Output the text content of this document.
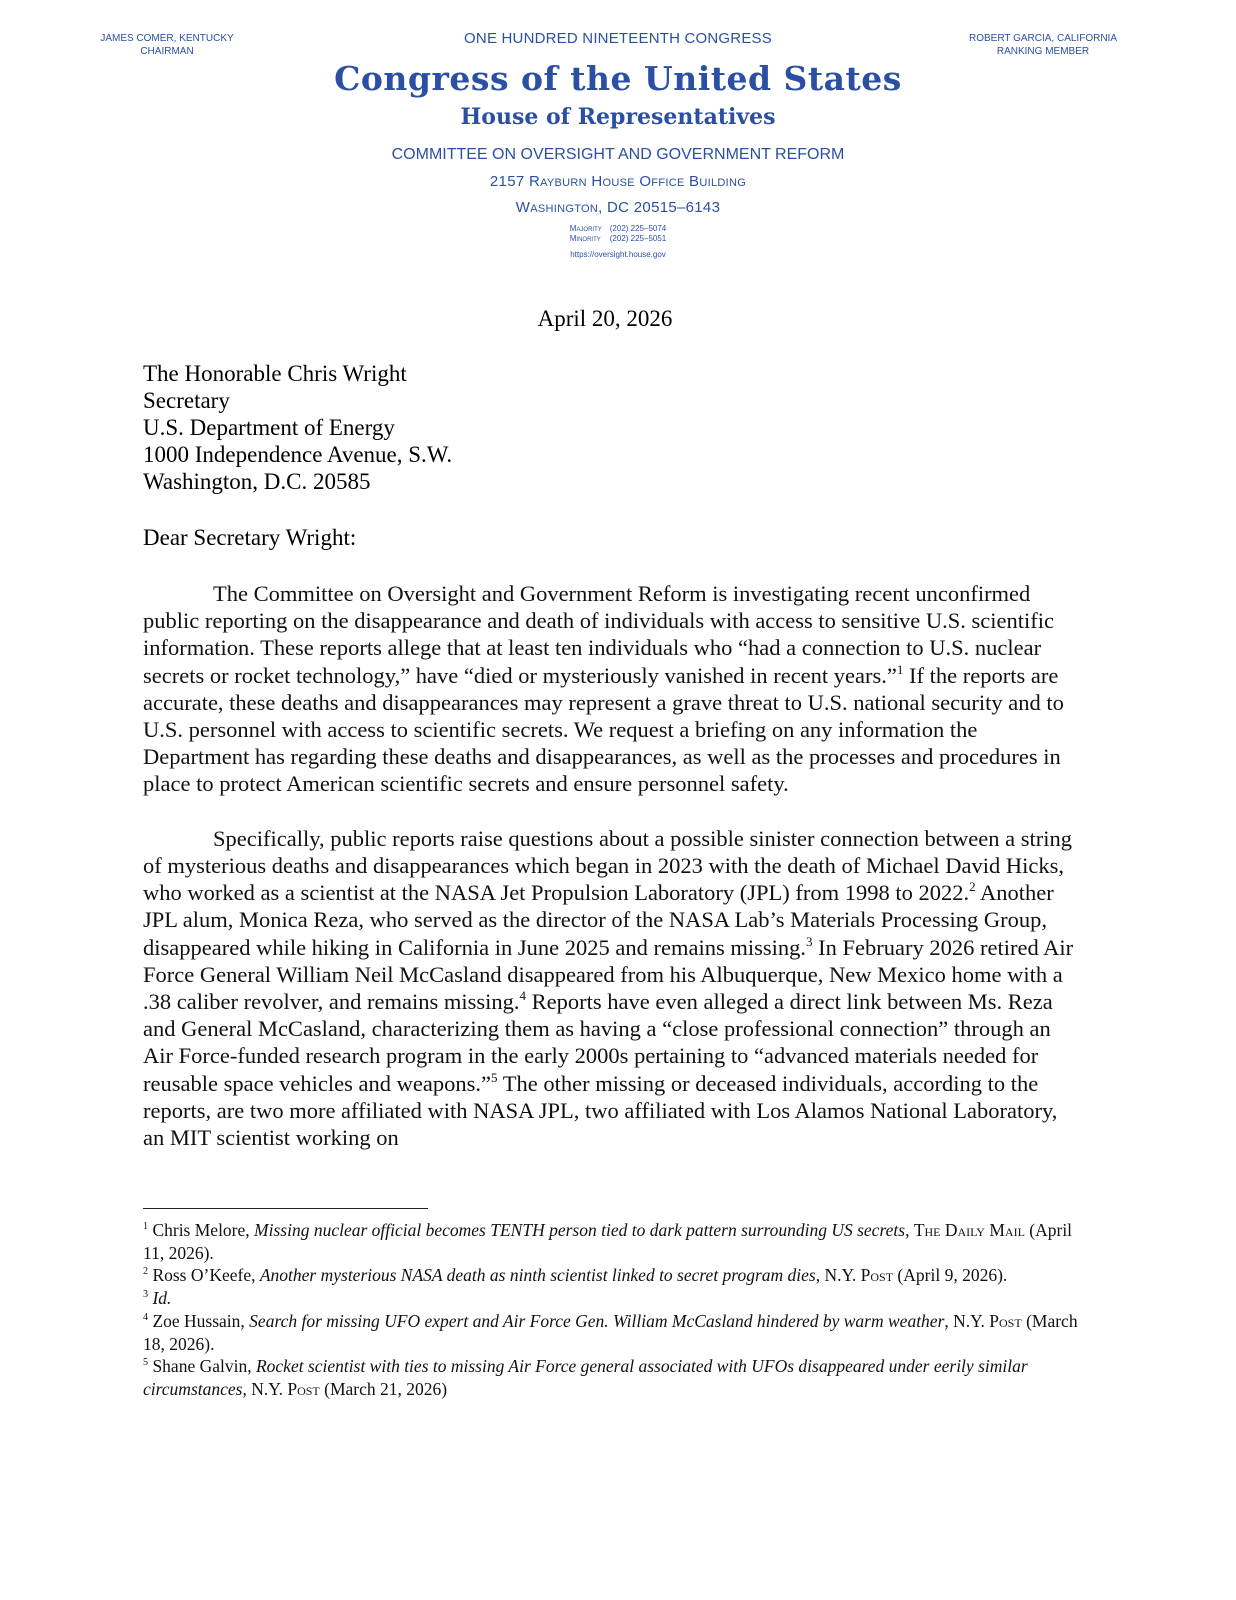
JAMES COMER, KENTUCKY
CHAIRMAN
ONE HUNDRED NINETEENTH CONGRESS
Congress of the United States
House of Representatives
COMMITTEE ON OVERSIGHT AND GOVERNMENT REFORM
2157 Rayburn House Office Building
Washington, DC 20515–6143
Majority (202) 225–5074
Minority (202) 225–5051
https://oversight.house.gov
ROBERT GARCIA, CALIFORNIA
RANKING MEMBER
April 20, 2026
The Honorable Chris Wright
Secretary
U.S. Department of Energy
1000 Independence Avenue, S.W.
Washington, D.C. 20585
Dear Secretary Wright:

The Committee on Oversight and Government Reform is investigating recent unconfirmed public reporting on the disappearance and death of individuals with access to sensitive U.S. scientific information. These reports allege that at least ten individuals who “had a connection to U.S. nuclear secrets or rocket technology,” have “died or mysteriously vanished in recent years.”$^1$ If the reports are accurate, these deaths and disappearances may represent a grave threat to U.S. national security and to U.S. personnel with access to scientific secrets. We request a briefing on any information the Department has regarding these deaths and disappearances, as well as the processes and procedures in place to protect American scientific secrets and ensure personnel safety.

Specifically, public reports raise questions about a possible sinister connection between a string of mysterious deaths and disappearances which began in 2023 with the death of Michael David Hicks, who worked as a scientist at the NASA Jet Propulsion Laboratory (JPL) from 1998 to 2022.$^2$ Another JPL alum, Monica Reza, who served as the director of the NASA Lab’s Materials Processing Group, disappeared while hiking in California in June 2025 and remains missing.$^3$ In February 2026 retired Air Force General William Neil McCasland disappeared from his Albuquerque, New Mexico home with a .38 caliber revolver, and remains missing.$^4$ Reports have even alleged a direct link between Ms. Reza and General McCasland, characterizing them as having a “close professional connection” through an Air Force-funded research program in the early 2000s pertaining to “advanced materials needed for reusable space vehicles and weapons.”$^5$ The other missing or deceased individuals, according to the reports, are two more affiliated with NASA JPL, two affiliated with Los Alamos National Laboratory, an MIT scientist working on

$^1$ Chris Melore, Missing nuclear official becomes TENTH person tied to dark pattern surrounding US secrets, The Daily Mail (April 11, 2026).
$^2$ Ross O’Keefe, Another mysterious NASA death as ninth scientist linked to secret program dies, N.Y. Post (April 9, 2026).
$^3$ Id.
$^4$ Zoe Hussain, Search for missing UFO expert and Air Force Gen. William McCasland hindered by warm weather, N.Y. Post (March 18, 2026).
$^5$ Shane Galvin, Rocket scientist with ties to missing Air Force general associated with UFOs disappeared under eerily similar circumstances, N.Y. Post (March 21, 2026)
